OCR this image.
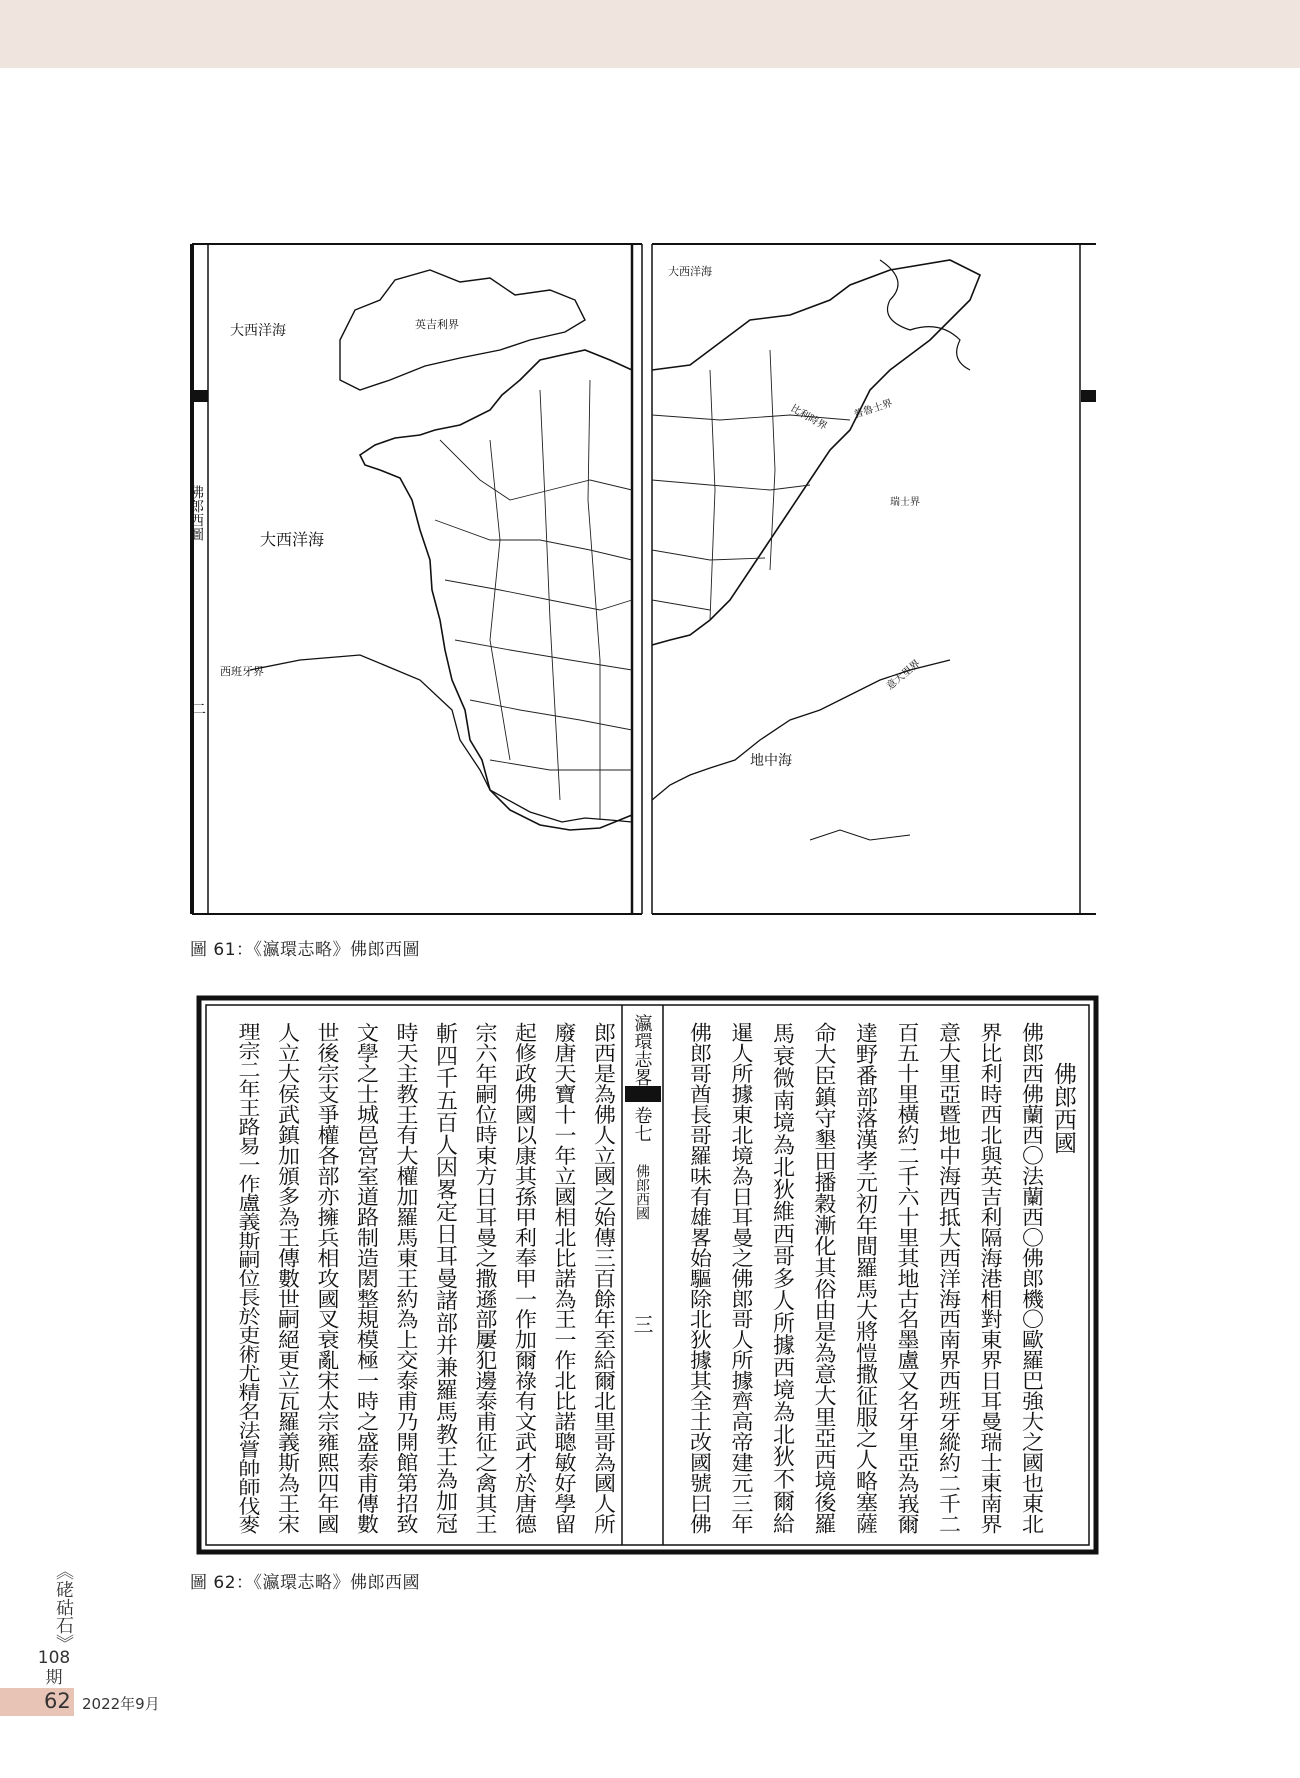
大西洋海	英吉利界
大西洋海
西班牙界
地中海
大西洋海
比利時界 普魯士界
瑞士界
意大里界
佛郎西圖
二
圖 61：《瀛環志略》佛郎西圖
佛郎西國
佛郎西佛蘭西〇法蘭西〇佛郎機〇歐羅巴強大之國也東北
界比利時西北與英吉利隔海港相對東界日耳曼瑞士東南界
意大里亞暨地中海西抵大西洋海西南界西班牙縱約二千二
百五十里橫約二千六十里其地古名墨盧又名牙里亞為峩爾
達野番部落漢孝元初年間羅馬大將愷撒征服之人略塞薩
命大臣鎮守墾田播穀漸化其俗由是為意大里亞西境後羅
馬衰微南境為北狄維西哥多人所據西境為北狄不爾給
暹人所據東北境為日耳曼之佛郎哥人所據齊高帝建元三年
佛郎哥酋長哥羅味有雄畧始驅除北狄據其全土改國號曰佛
郎西是為佛人立國之始傳三百餘年至給爾北里哥為國人所
廢唐天寶十一年立國相北比諾為王一作北比諾聰敏好學留
起修政佛國以康其孫甲利奉甲一作加爾祿有文武才於唐德
宗六年嗣位時東方日耳曼之撒遜部屢犯邊泰甫征之禽其王
斬四千五百人因畧定日耳曼諸部并兼羅馬教王為加冠
時天主教王有大權加羅馬東王約為上交泰甫乃開館第招致
文學之士城邑宮室道路制造閎整規模極一時之盛泰甫傳數
世後宗支爭權各部亦擁兵相攻國叉衰亂宋太宗雍熙四年國
人立大侯武鎮加頒多為王傳數世嗣絕更立瓦羅義斯為王宋
理宗二年王路易一作盧義斯嗣位長於吏術尤精名法嘗帥師伐麥	瀛環志畧
卷七
佛郎西國
三
圖 62：《瀛環志略》佛郎西國
《硓𥑮石》
108
期
62 2022年9月
